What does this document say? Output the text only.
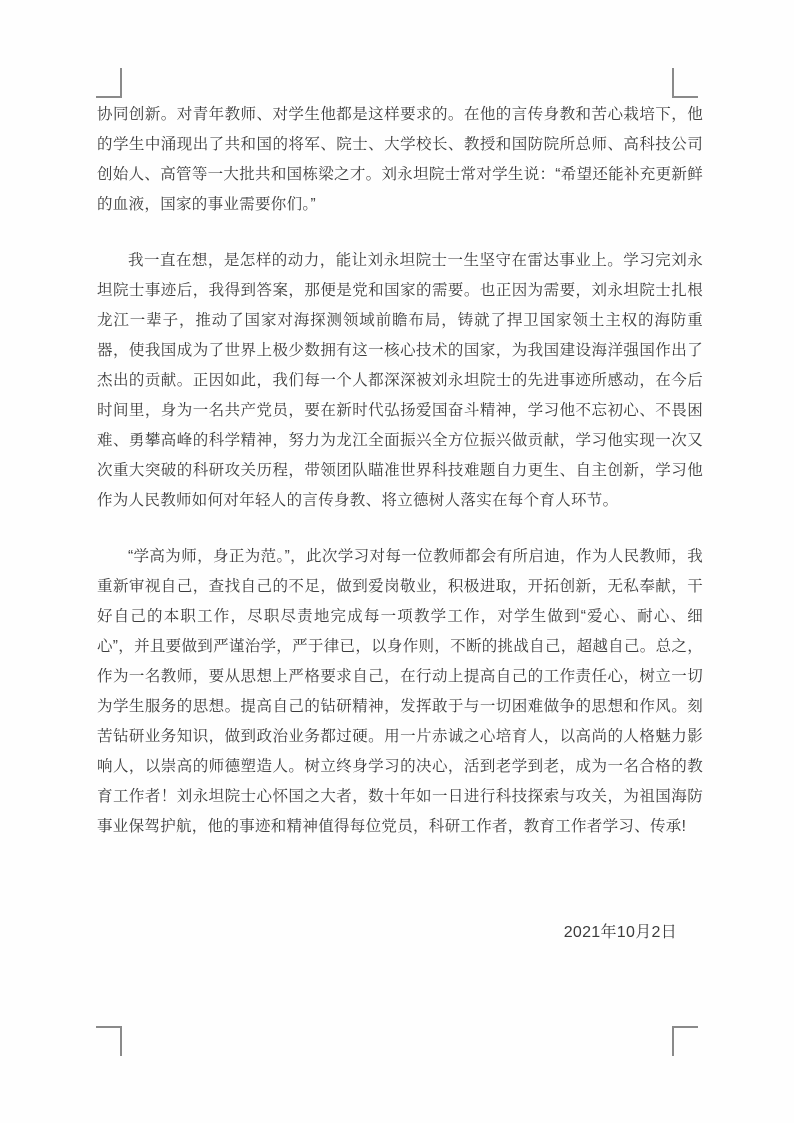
协同创新。对青年教师、对学生他都是这样要求的。在他的言传身教和苦心栽培下，他的学生中涌现出了共和国的将军、院士、大学校长、教授和国防院所总师、高科技公司创始人、高管等一大批共和国栋梁之才。刘永坦院士常对学生说：“希望还能补充更新鲜的血液，国家的事业需要你们。”

我一直在想，是怎样的动力，能让刘永坦院士一生坚守在雷达事业上。学习完刘永坦院士事迹后，我得到答案，那便是党和国家的需要。也正因为需要，刘永坦院士扎根龙江一辈子，推动了国家对海探测领域前瞻布局，铸就了捍卫国家领土主权的海防重器，使我国成为了世界上极少数拥有这一核心技术的国家，为我国建设海洋强国作出了杰出的贡献。正因如此，我们每一个人都深深被刘永坦院士的先进事迹所感动，在今后时间里，身为一名共产党员，要在新时代弘扬爱国奋斗精神，学习他不忘初心、不畏困难、勇攀高峰的科学精神，努力为龙江全面振兴全方位振兴做贡献，学习他实现一次又次重大突破的科研攻关历程，带领团队瞄准世界科技难题自力更生、自主创新，学习他作为人民教师如何对年轻人的言传身教、将立德树人落实在每个育人环节。

“学高为师，身正为范。”，此次学习对每一位教师都会有所启迪，作为人民教师，我重新审视自己，查找自己的不足，做到爱岗敬业，积极进取，开拓创新，无私奉献，干好自己的本职工作，尽职尽责地完成每一项教学工作，对学生做到“爱心、耐心、细心”，并且要做到严谨治学，严于律已，以身作则，不断的挑战自己，超越自己。总之，作为一名教师，要从思想上严格要求自己，在行动上提高自己的工作责任心，树立一切为学生服务的思想。提高自己的钻研精神，发挥敢于与一切困难做争的思想和作风。刻苦钻研业务知识，做到政治业务都过硬。用一片赤诚之心培育人，以高尚的人格魅力影响人，以崇高的师德塑造人。树立终身学习的决心，活到老学到老，成为一名合格的教育工作者！刘永坦院士心怀国之大者，数十年如一日进行科技探索与攻关，为祖国海防事业保驾护航，他的事迹和精神值得每位党员，科研工作者，教育工作者学习、传承!

2021年10月2日
